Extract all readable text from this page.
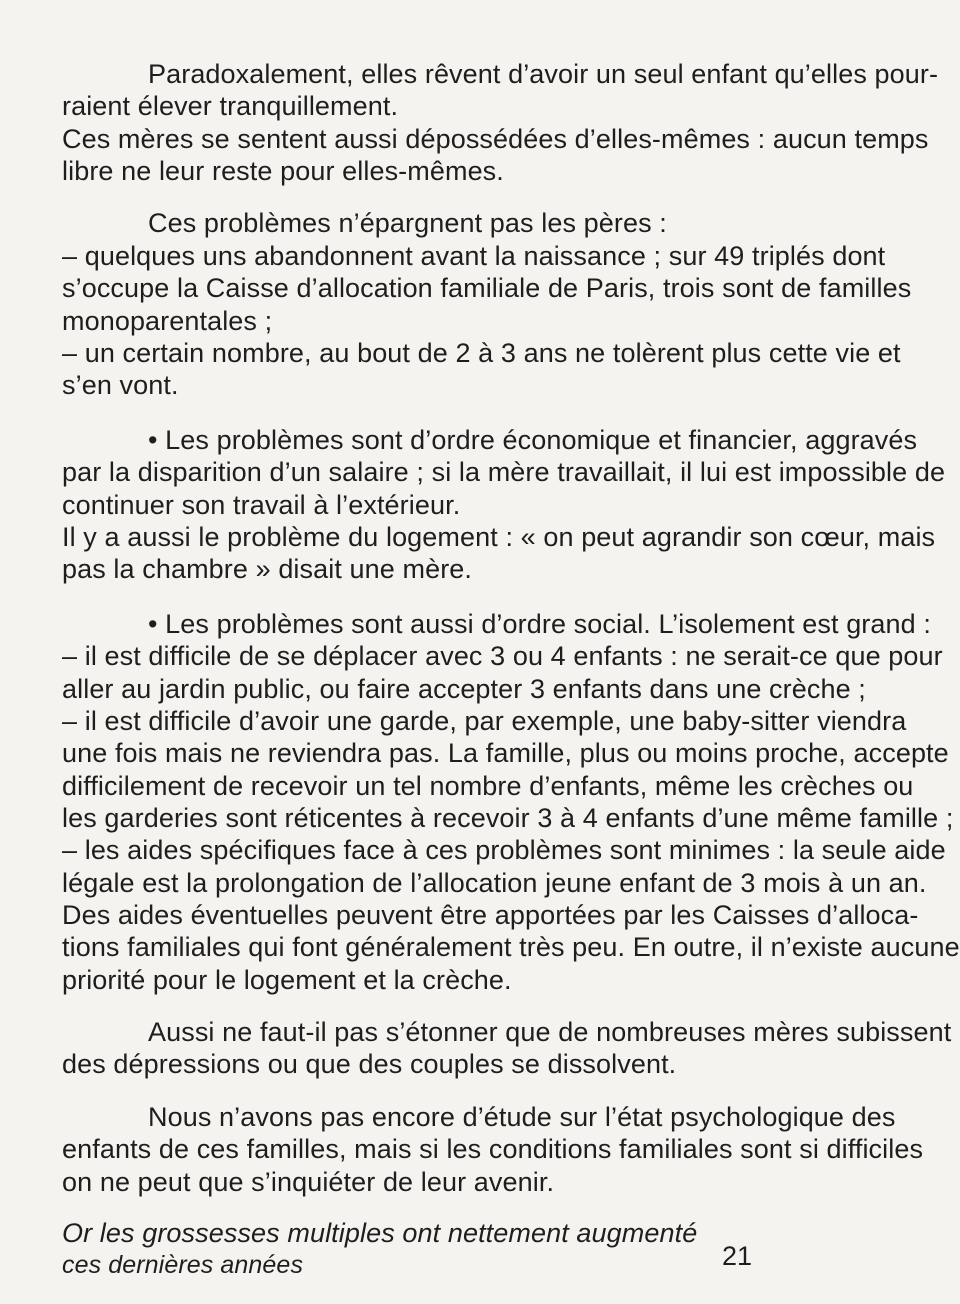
Paradoxalement, elles rêvent d’avoir un seul enfant qu’elles pour-

raient élever tranquillement.

Ces mères se sentent aussi dépossédées d’elles-mêmes : aucun temps

libre ne leur reste pour elles-mêmes.

Ces problèmes n’épargnent pas les pères :

– quelques uns abandonnent avant la naissance ; sur 49 triplés dont

s’occupe la Caisse d’allocation familiale de Paris, trois sont de familles

monoparentales ;

– un certain nombre, au bout de 2 à 3 ans ne tolèrent plus cette vie et

s’en vont.

• Les problèmes sont d’ordre économique et financier, aggravés

par la disparition d’un salaire ; si la mère travaillait, il lui est impossible de

continuer son travail à l’extérieur.

Il y a aussi le problème du logement : « on peut agrandir son cœur, mais

pas la chambre » disait une mère.

• Les problèmes sont aussi d’ordre social. L’isolement est grand :

– il est difficile de se déplacer avec 3 ou 4 enfants : ne serait-ce que pour

aller au jardin public, ou faire accepter 3 enfants dans une crèche ;

– il est difficile d’avoir une garde, par exemple, une baby-sitter viendra

une fois mais ne reviendra pas. La famille, plus ou moins proche, accepte

difficilement de recevoir un tel nombre d’enfants, même les crèches ou

les garderies sont réticentes à recevoir 3 à 4 enfants d’une même famille ;

– les aides spécifiques face à ces problèmes sont minimes : la seule aide

légale est la prolongation de l’allocation jeune enfant de 3 mois à un an.

Des aides éventuelles peuvent être apportées par les Caisses d’alloca-

tions familiales qui font généralement très peu. En outre, il n’existe aucune

priorité pour le logement et la crèche.

Aussi ne faut-il pas s’étonner que de nombreuses mères subissent

des dépressions ou que des couples se dissolvent.

Nous n’avons pas encore d’étude sur l’état psychologique des

enfants de ces familles, mais si les conditions familiales sont si difficiles

on ne peut que s’inquiéter de leur avenir.

Or les grossesses multiples ont nettement augmenté

ces dernières années	21
